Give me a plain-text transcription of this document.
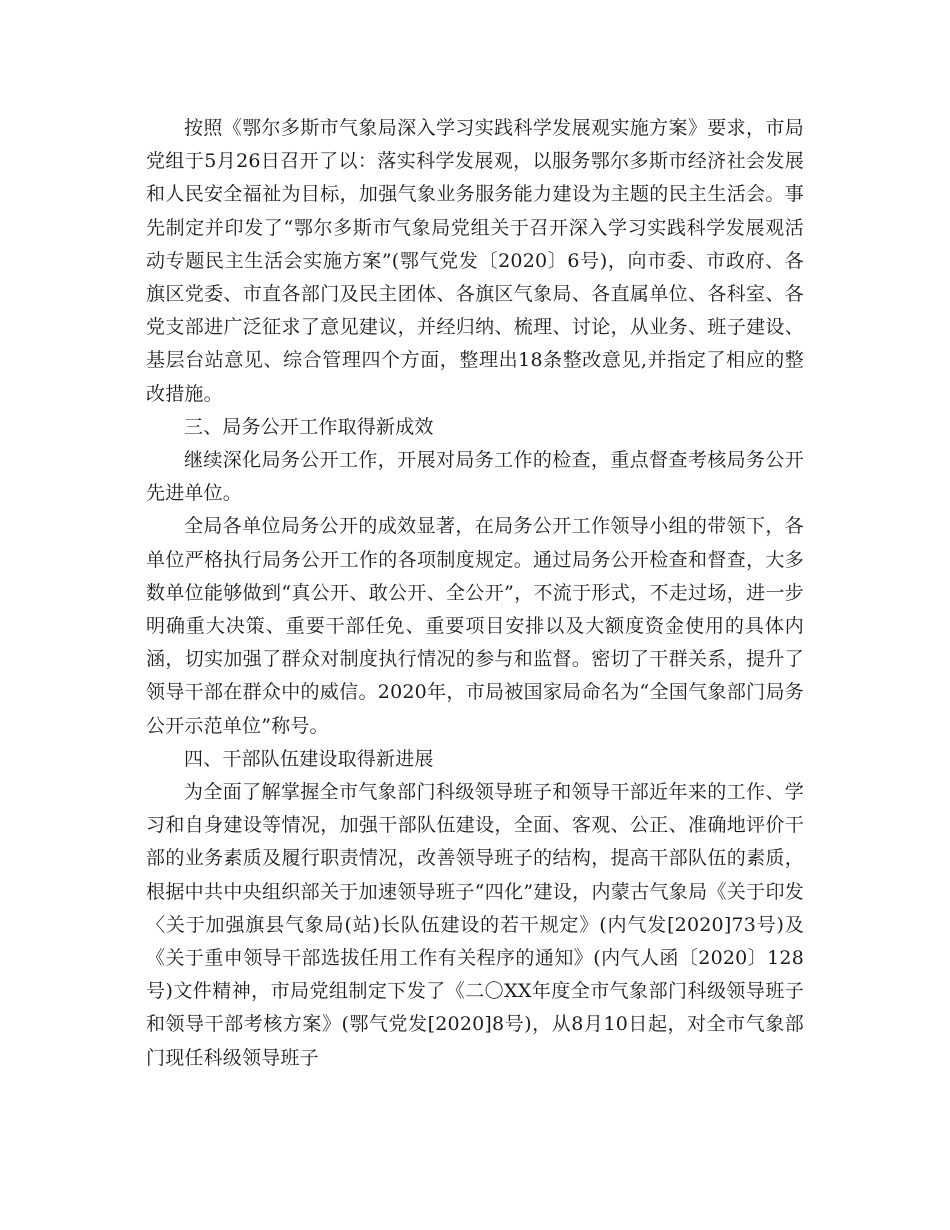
按照《鄂尔多斯市气象局深入学习实践科学发展观实施方案》要求，市局党组于5月26日召开了以：落实科学发展观，以服务鄂尔多斯市经济社会发展和人民安全福祉为目标，加强气象业务服务能力建设为主题的民主生活会。事先制定并印发了“鄂尔多斯市气象局党组关于召开深入学习实践科学发展观活动专题民主生活会实施方案”(鄂气党发〔2020〕6号)，向市委、市政府、各旗区党委、市直各部门及民主团体、各旗区气象局、各直属单位、各科室、各党支部进广泛征求了意见建议，并经归纳、梳理、讨论，从业务、班子建设、基层台站意见、综合管理四个方面，整理出18条整改意见,并指定了相应的整改措施。

三、局务公开工作取得新成效

继续深化局务公开工作，开展对局务工作的检查，重点督查考核局务公开先进单位。

全局各单位局务公开的成效显著，在局务公开工作领导小组的带领下，各单位严格执行局务公开工作的各项制度规定。通过局务公开检查和督查，大多数单位能够做到“真公开、敢公开、全公开”，不流于形式，不走过场，进一步明确重大决策、重要干部任免、重要项目安排以及大额度资金使用的具体内涵，切实加强了群众对制度执行情况的参与和监督。密切了干群关系，提升了领导干部在群众中的威信。2020年，市局被国家局命名为“全国气象部门局务公开示范单位”称号。

四、干部队伍建设取得新进展

为全面了解掌握全市气象部门科级领导班子和领导干部近年来的工作、学习和自身建设等情况，加强干部队伍建设，全面、客观、公正、准确地评价干部的业务素质及履行职责情况，改善领导班子的结构，提高干部队伍的素质，根据中共中央组织部关于加速领导班子“四化”建设，内蒙古气象局《关于印发〈关于加强旗县气象局(站)长队伍建设的若干规定》(内气发[2020]73号)及《关于重申领导干部选拔任用工作有关程序的通知》(内气人函〔2020〕128号)文件精神，市局党组制定下发了《二〇XX年度全市气象部门科级领导班子和领导干部考核方案》(鄂气党发[2020]8号)，从8月10日起，对全市气象部门现任科级领导班子
